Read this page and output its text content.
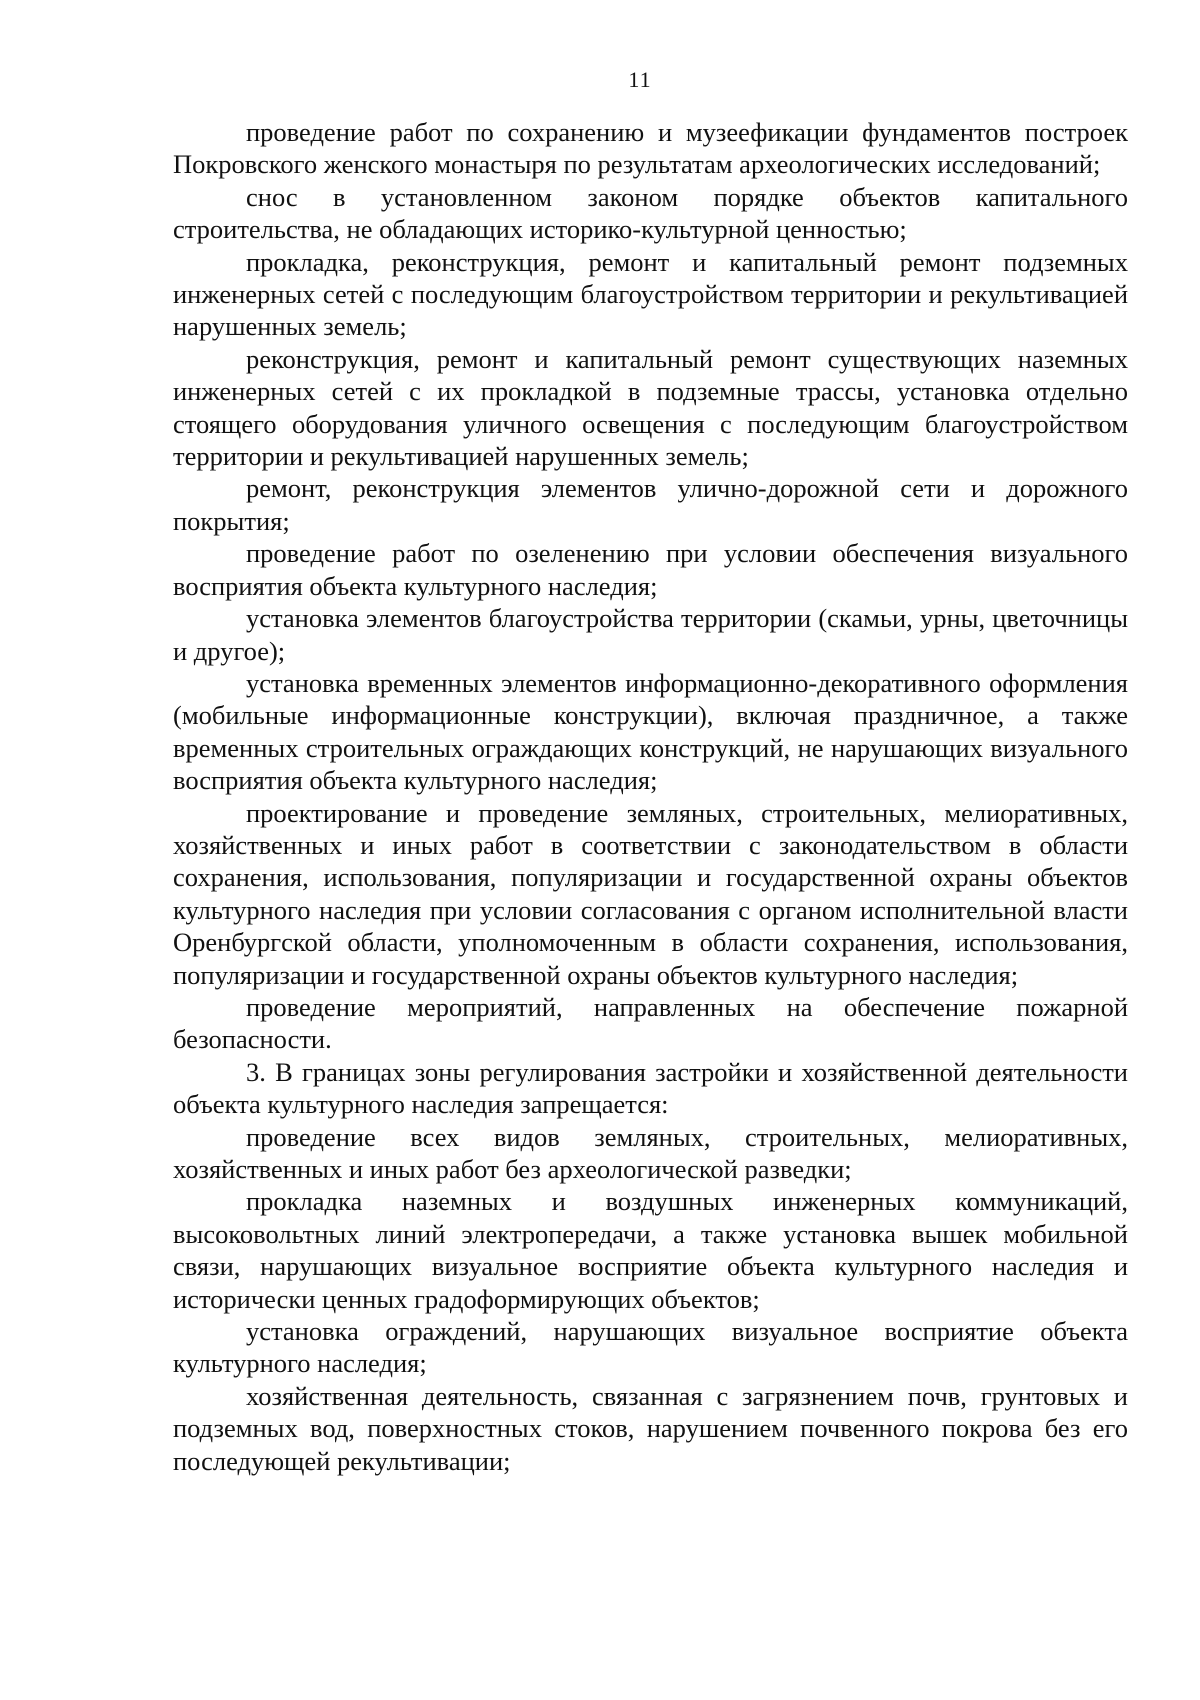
11

проведение работ по сохранению и музеефикации фундаментов построек Покровского женского монастыря по результатам археологических исследований;

снос в установленном законом порядке объектов капитального строительства, не обладающих историко-культурной ценностью;

прокладка, реконструкция, ремонт и капитальный ремонт подземных инженерных сетей с последующим благоустройством территории и рекультивацией нарушенных земель;

реконструкция, ремонт и капитальный ремонт существующих наземных инженерных сетей с их прокладкой в подземные трассы, установка отдельно стоящего оборудования уличного освещения с последующим благоустройством территории и рекультивацией нарушенных земель;

ремонт, реконструкция элементов улично-дорожной сети и дорожного покрытия;

проведение работ по озеленению при условии обеспечения визуального восприятия объекта культурного наследия;

установка элементов благоустройства территории (скамьи, урны, цветочницы и другое);

установка временных элементов информационно-декоративного оформления (мобильные информационные конструкции), включая праздничное, а также временных строительных ограждающих конструкций, не нарушающих визуального восприятия объекта культурного наследия;

проектирование и проведение земляных, строительных, мелиоративных, хозяйственных и иных работ в соответствии с законодательством в области сохранения, использования, популяризации и государственной охраны объектов культурного наследия при условии согласования с органом исполнительной власти Оренбургской области, уполномоченным в области сохранения, использования, популяризации и государственной охраны объектов культурного наследия;

проведение мероприятий, направленных на обеспечение пожарной безопасности.

3. В границах зоны регулирования застройки и хозяйственной деятельности объекта культурного наследия запрещается:

проведение всех видов земляных, строительных, мелиоративных, хозяйственных и иных работ без археологической разведки;

прокладка наземных и воздушных инженерных коммуникаций, высоковольтных линий электропередачи, а также установка вышек мобильной связи, нарушающих визуальное восприятие объекта культурного наследия и исторически ценных градоформирующих объектов;

установка ограждений, нарушающих визуальное восприятие объекта культурного наследия;

хозяйственная деятельность, связанная с загрязнением почв, грунтовых и подземных вод, поверхностных стоков, нарушением почвенного покрова без его последующей рекультивации;
